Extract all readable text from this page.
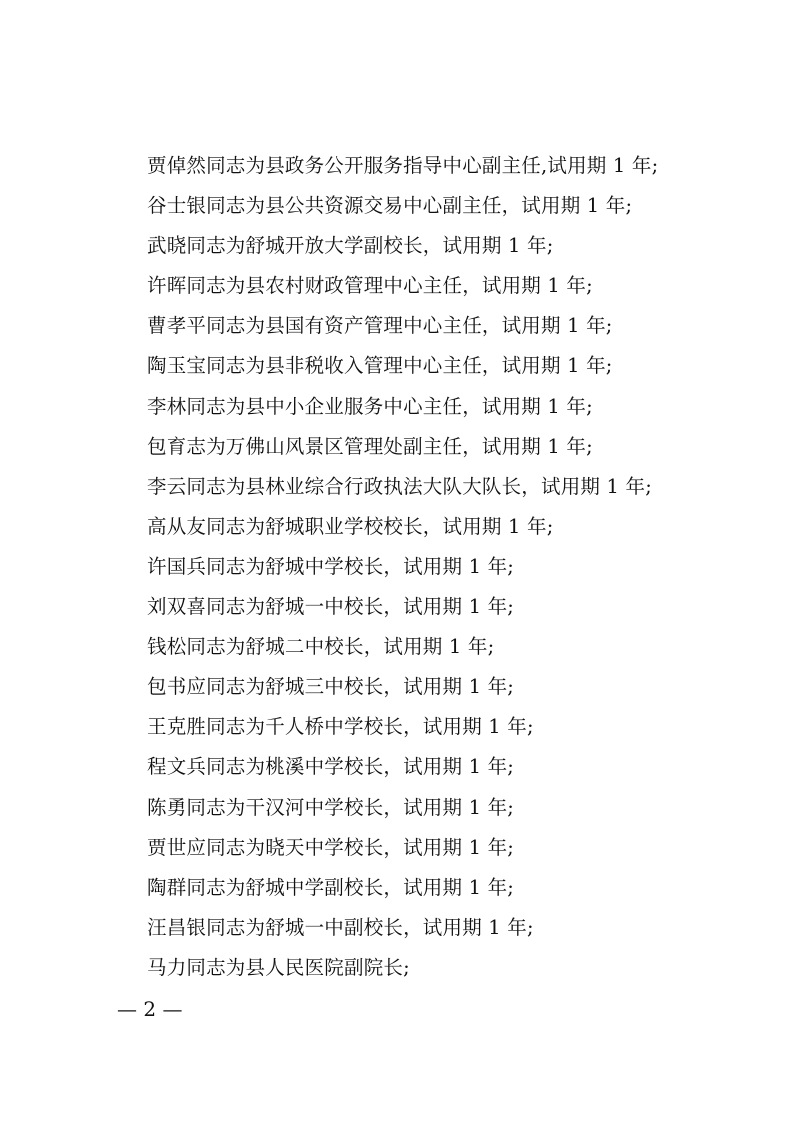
贾倬然同志为县政务公开服务指导中心副主任,试用期 1 年;
谷士银同志为县公共资源交易中心副主任，试用期 1 年;
武晓同志为舒城开放大学副校长，试用期 1 年;
许晖同志为县农村财政管理中心主任，试用期 1 年;
曹孝平同志为县国有资产管理中心主任，试用期 1 年;
陶玉宝同志为县非税收入管理中心主任，试用期 1 年;
李林同志为县中小企业服务中心主任，试用期 1 年;
包育志为万佛山风景区管理处副主任，试用期 1 年;
李云同志为县林业综合行政执法大队大队长，试用期 1 年;
高从友同志为舒城职业学校校长，试用期 1 年;
许国兵同志为舒城中学校长，试用期 1 年;
刘双喜同志为舒城一中校长，试用期 1 年;
钱松同志为舒城二中校长，试用期 1 年;
包书应同志为舒城三中校长，试用期 1 年;
王克胜同志为千人桥中学校长，试用期 1 年;
程文兵同志为桃溪中学校长，试用期 1 年;
陈勇同志为干汉河中学校长，试用期 1 年;
贾世应同志为晓天中学校长，试用期 1 年;
陶群同志为舒城中学副校长，试用期 1 年;
汪昌银同志为舒城一中副校长，试用期 1 年;
马力同志为县人民医院副院长;
— 2 —
